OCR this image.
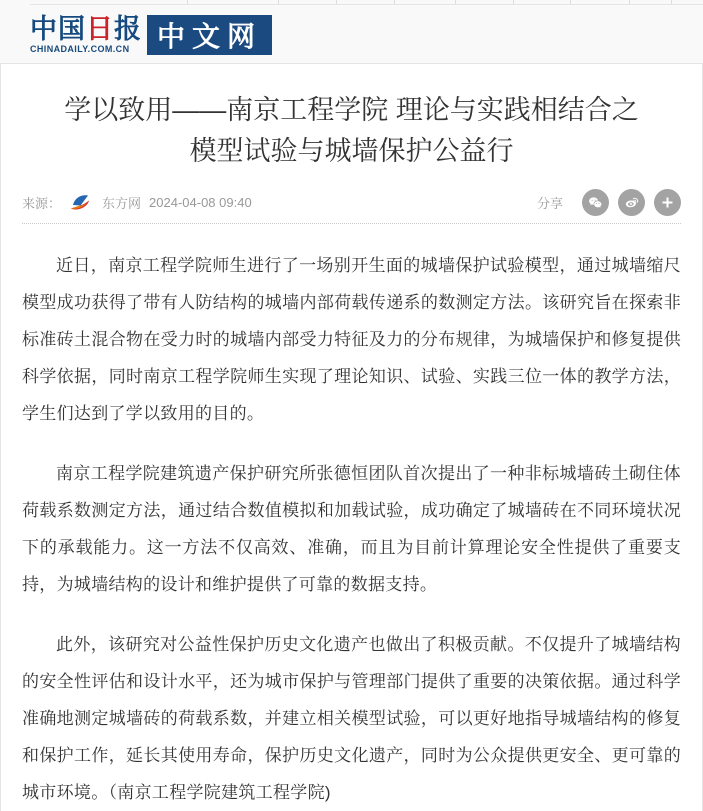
中国日报
CHINADAILY.COM.CN 中文网
学以致用——南京工程学院 理论与实践相结合之
模型试验与城墙保护公益行
来源：	东方网 2024-04-08 09:40	分享

近日，南京工程学院师生进行了一场别开生面的城墙保护试验模型，通过城墙缩尺模型成功获得了带有人防结构的城墙内部荷载传递系的数测定方法。该研究旨在探索非标准砖土混合物在受力时的城墙内部受力特征及力的分布规律，为城墙保护和修复提供科学依据，同时南京工程学院师生实现了理论知识、试验、实践三位一体的教学方法，学生们达到了学以致用的目的。

南京工程学院建筑遗产保护研究所张德恒团队首次提出了一种非标城墙砖土砌住体荷载系数测定方法，通过结合数值模拟和加载试验，成功确定了城墙砖在不同环境状况下的承载能力。这一方法不仅高效、准确，而且为目前计算理论安全性提供了重要支持，为城墙结构的设计和维护提供了可靠的数据支持。

此外，该研究对公益性保护历史文化遗产也做出了积极贡献。不仅提升了城墙结构的安全性评估和设计水平，还为城市保护与管理部门提供了重要的决策依据。通过科学准确地测定城墙砖的荷载系数，并建立相关模型试验，可以更好地指导城墙结构的修复和保护工作，延长其使用寿命，保护历史文化遗产，同时为公众提供更安全、更可靠的城市环境。（南京工程学院建筑工程学院)
